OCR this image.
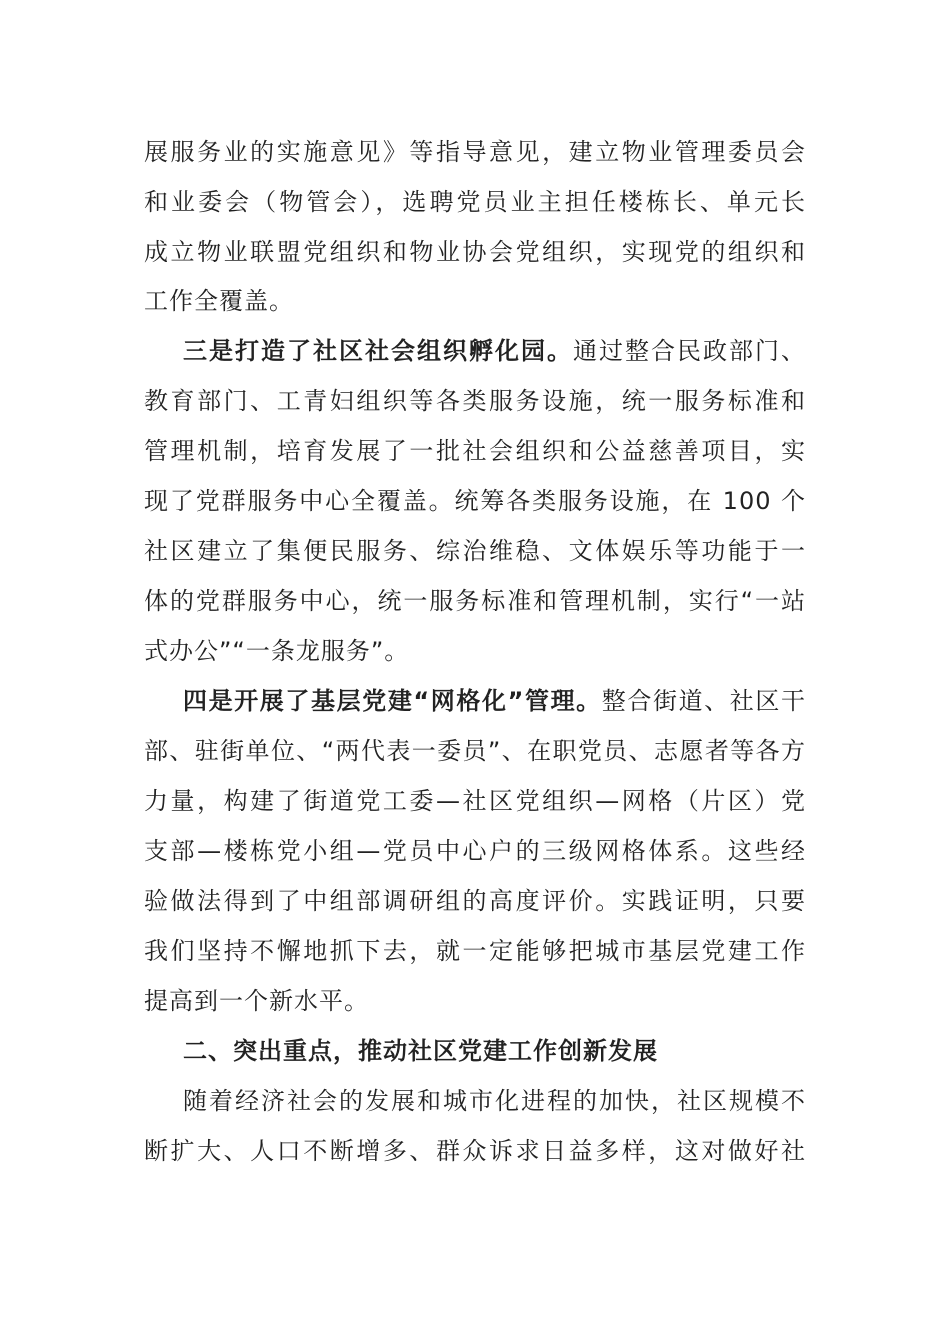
展服务业的实施意见》等指导意见，建立物业管理委员会
和业委会（物管会），选聘党员业主担任楼栋长、单元长
成立物业联盟党组织和物业协会党组织，实现党的组织和
工作全覆盖。
三是打造了社区社会组织孵化园。通过整合民政部门、
教育部门、工青妇组织等各类服务设施，统一服务标准和
管理机制，培育发展了一批社会组织和公益慈善项目，实
现了党群服务中心全覆盖。统筹各类服务设施，在 100 个
社区建立了集便民服务、综治维稳、文体娱乐等功能于一
体的党群服务中心，统一服务标准和管理机制，实行“一站
式办公”“一条龙服务”。
四是开展了基层党建“网格化”管理。整合街道、社区干
部、驻街单位、“两代表一委员”、在职党员、志愿者等各方
力量，构建了街道党工委—社区党组织—网格（片区）党
支部—楼栋党小组—党员中心户的三级网格体系。这些经
验做法得到了中组部调研组的高度评价。实践证明，只要
我们坚持不懈地抓下去，就一定能够把城市基层党建工作
提高到一个新水平。
二、突出重点，推动社区党建工作创新发展
随着经济社会的发展和城市化进程的加快，社区规模不
断扩大、人口不断增多、群众诉求日益多样，这对做好社
